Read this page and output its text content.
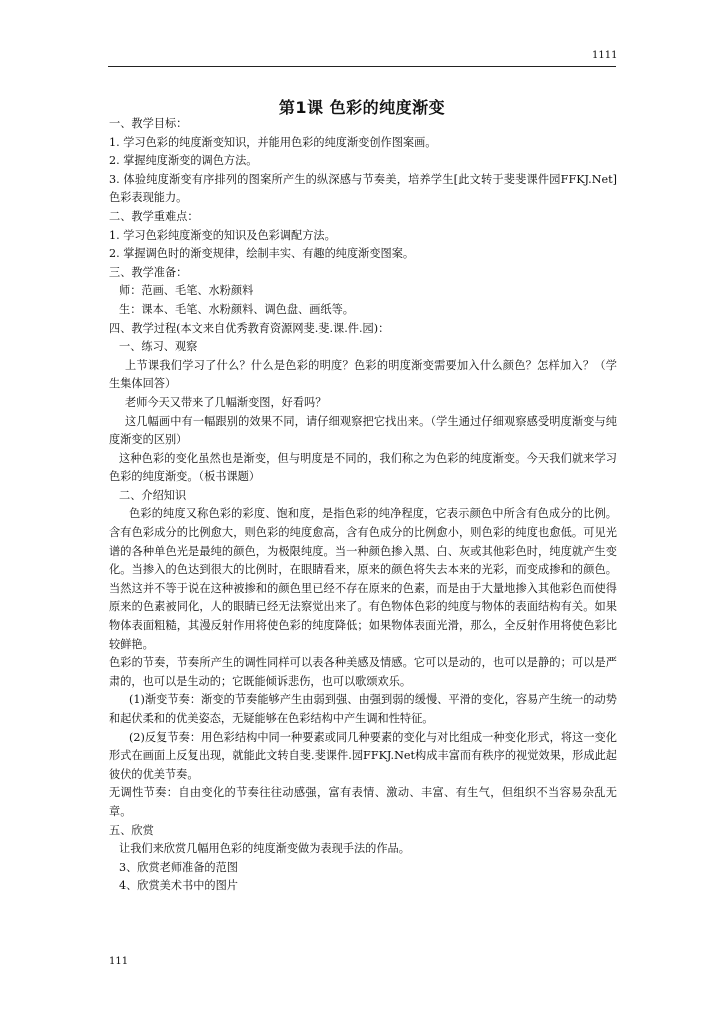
1111
第1课 色彩的纯度渐变

一、教学目标：

1. 学习色彩的纯度渐变知识，并能用色彩的纯度渐变创作图案画。

2. 掌握纯度渐变的调色方法。

3. 体验纯度渐变有序排列的图案所产生的纵深感与节奏美，培养学生[此文转于斐斐课件园FFKJ.Net]色彩表现能力。

二、教学重难点：

1. 学习色彩纯度渐变的知识及色彩调配方法。

2. 掌握调色时的渐变规律，绘制丰实、有趣的纯度渐变图案。

三、教学准备：

师：范画、毛笔、水粉颜料

生：课本、毛笔、水粉颜料、调色盘、画纸等。

四、教学过程(本文来自优秀教育资源网斐.斐.课.件.园)：

一、练习、观察

上节课我们学习了什么？什么是色彩的明度？色彩的明度渐变需要加入什么颜色？怎样加入？（学生集体回答）

老师今天又带来了几幅渐变图，好看吗？

这几幅画中有一幅跟别的效果不同，请仔细观察把它找出来。（学生通过仔细观察感受明度渐变与纯度渐变的区别）

这种色彩的变化虽然也是渐变，但与明度是不同的，我们称之为色彩的纯度渐变。今天我们就来学习色彩的纯度渐变。（板书课题）

二、介绍知识

色彩的纯度又称色彩的彩度、饱和度，是指色彩的纯净程度，它表示颜色中所含有色成分的比例。含有色彩成分的比例愈大，则色彩的纯度愈高，含有色成分的比例愈小，则色彩的纯度也愈低。可见光谱的各种单色光是最纯的颜色，为极限纯度。当一种颜色掺入黑、白、灰或其他彩色时，纯度就产生变化。当掺入的色达到很大的比例时，在眼睛看来，原来的颜色将失去本来的光彩，而变成掺和的颜色。当然这并不等于说在这种被掺和的颜色里已经不存在原来的色素，而是由于大量地掺入其他彩色而使得原来的色素被同化，人的眼睛已经无法察觉出来了。有色物体色彩的纯度与物体的表面结构有关。如果物体表面粗糙，其漫反射作用将使色彩的纯度降低；如果物体表面光滑，那么，全反射作用将使色彩比较鲜艳。

色彩的节奏，节奏所产生的调性同样可以表各种美感及情感。它可以是动的，也可以是静的；可以是严肃的，也可以是生动的；它既能倾诉悲伤，也可以歌颂欢乐。

(1)渐变节奏：渐变的节奏能够产生由弱到强、由强到弱的缓慢、平滑的变化，容易产生统一的动势和起伏柔和的优美姿态，无疑能够在色彩结构中产生调和性特征。

(2)反复节奏：用色彩结构中同一种要素或同几种要素的变化与对比组成一种变化形式，将这一变化形式在画面上反复出现，就能此文转自斐.斐课件.园FFKJ.Net构成丰富而有秩序的视觉效果，形成此起彼伏的优美节奏。

无调性节奏：自由变化的节奏往往动感强，富有表情、激动、丰富、有生气，但组织不当容易杂乱无章。

五、欣赏

让我们来欣赏几幅用色彩的纯度渐变做为表现手法的作品。

3、欣赏老师准备的范图

4、欣赏美术书中的图片

111
